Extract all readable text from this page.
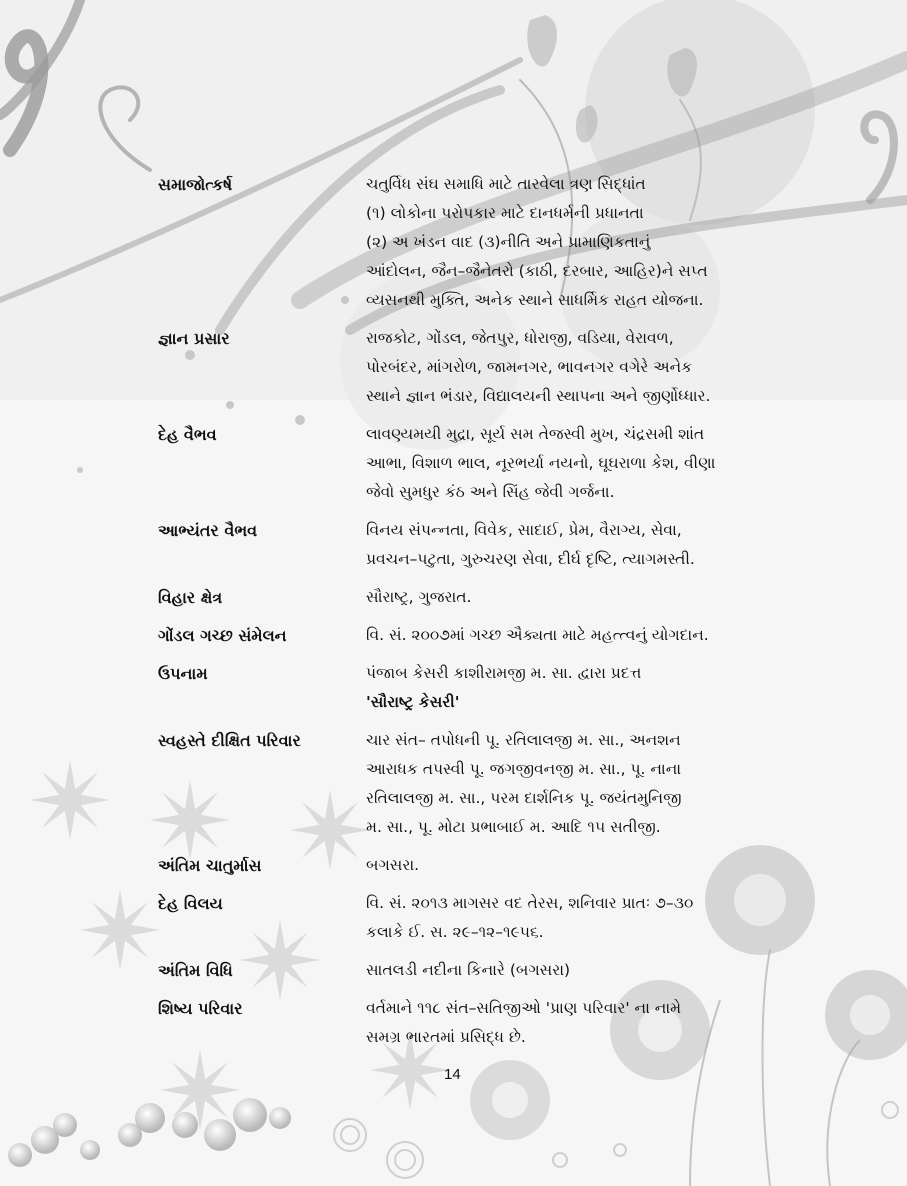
સમાજોત્કર્ષ	ચતુર્વિધ સંઘ સમાધિ માટે તારવેલા ત્રણ સિદ્ધાંત
(૧) લોકોના પરોપકાર માટે દાનધર્મની પ્રધાનતા
(૨) અ ખંડન વાદ (૩)નીતિ અને પ્રામાણિકતાનું
આંદોલન, જૈન–જૈનેતરો (કાઠી, દરબાર, આહિર)ને સપ્ત
વ્યસનથી મુક્તિ, અનેક સ્થાને સાધર્મિક રાહત યોજના.
જ્ઞાન પ્રસાર	રાજકોટ, ગોંડલ, જેતપુર, ધોરાજી, વડિયા, વેરાવળ,
પોરબંદર, માંગરોળ, જામનગર, ભાવનગર વગેરે અનેક
સ્થાને જ્ઞાન ભંડાર, વિદ્યાલયની સ્થાપના અને જીર્ણોધ્ધાર.
દેહ વૈભવ	લાવણ્યમયી મુદ્રા, સૂર્ય સમ તેજસ્વી મુખ, ચંદ્રસમી શાંત
આભા, વિશાળ ભાલ, નૂરભર્યા નયનો, ઘૂઘરાળા કેશ, વીણા
જેવો સુમધુર કંઠ અને સિંહ જેવી ગર્જના.
આભ્યંતર વૈભવ	વિનય સંપન્નતા, વિવેક, સાદાઈ, પ્રેમ, વૈરાગ્ય, સેવા,
પ્રવચન–પટુતા, ગુરુચરણ સેવા, દીર્ઘ દૃષ્ટિ, ત્યાગમસ્તી.
વિહાર ક્ષેત્ર	સૌરાષ્ટ્ર, ગુજરાત.
ગોંડલ ગચ્છ સંમેલન	વિ. સં. ૨૦૦૭માં ગચ્છ ઐક્યતા માટે મહત્ત્વનું યોગદાન.
ઉપનામ	પંજાબ કેસરી કાશીરામજી મ. સા. દ્વારા પ્રદત્ત
'સૌરાષ્ટ્ર કેસરી'
સ્વહસ્તે દીક્ષિત પરિવાર	ચાર સંત– તપોધની પૂ. રતિલાલજી મ. સા., અનશન
આરાધક તપસ્વી પૂ. જગજીવનજી મ. સા., પૂ. નાના
રતિલાલજી મ. સા., પરમ દાર્શનિક પૂ. જયંતમુનિજી
મ. સા., પૂ. મોટા પ્રભાબાઈ મ. આદિ ૧૫ સતીજી.
અંતિમ ચાતુર્માસ	બગસરા.
દેહ વિલય	વિ. સં. ૨૦૧૩ માગસર વદ તેરસ, શનિવાર પ્રાતઃ ૭–૩૦
કલાકે ઈ. સ. ૨૯–૧૨–૧૯૫૬.
અંતિમ વિધિ	સાતલડી નદીના કિનારે (બગસરા)
શિષ્ય પરિવાર	વર્તમાને ૧૧૮ સંત–સતિજીઓ 'પ્રાણ પરિવાર' ના નામે
સમગ્ર ભારતમાં પ્રસિદ્ધ છે.
14
